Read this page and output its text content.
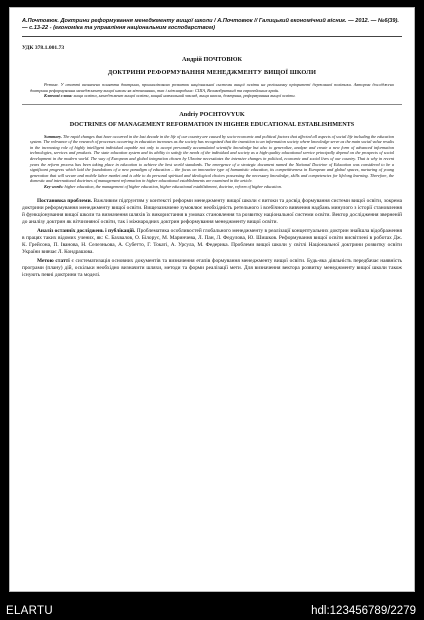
А.Почтовюк. Доктрини реформування менеджменту вищої школи / А.Почтовюк // Галицький економічний вісник. — 2012. — №6(39). — с.13-22 - (економіка та управління національним господарством)
УДК 378.1.001.73
Андрій ПОЧТОВЮК
ДОКТРИНИ РЕФОРМУВАННЯ МЕНЕДЖМЕНТУ ВИЩОЇ ШКОЛИ
Резюме. У статті визначено поняття доктрина, проаналізовано розвиток національної системи вищої освіти на регіонному пріоритеті державної політики. Автором досліджено доктрини реформування менеджменту вищої школи як вітчизняних, так і міжнародних: США, Великобританії та європейських країн.
Ключові слова: вища освіта, менеджмент вищої освіти, вищий навчальний заклад, вища школа, доктрина, реформування вищої освіти.
Andriy POCHTOVYUK
DOCTRINES OF MANAGEMENT REFORMATION IN HIGHER EDUCATIONAL ESTABLISHMENTS
Summary. The rapid changes that have occurred in the last decade in the life of our country are caused by socio-economic and political factors that affected all aspects of social life including the education system. The relevance of the research of processes occurring in education increases as the society has recognized that the transition to an information society where knowledge serve as the main social value results in the increasing role of highly intelligent individual capable not only to accept personally accumulated scientific knowledge but also to generalize, analyze and create a new form of advanced information technologies, services and products. The state education system and its ability to satisfy the needs of the individual and society as a high-quality educational service principally depend on the prospects of social development in the modern world. The way of European and global integration chosen by Ukraine necessitates the intensive changes in political, economic and social lives of our country. That is why in recent years the reform process has been taking place in education to achieve the best world standards. The emergence of a strategic document named the National Doctrine of Education was considered to be a significant progress which laid the foundations of a new paradigm of education – the focus on innovative type of humanistic education, its competitiveness in European and global spaces, nurturing of young generation that will secure and mobile labor market and is able to do personal spiritual and ideological choices possessing the necessary knowledge, skills and competencies for lifelong learning. Therefore, the domestic and international doctrines of management reformation in higher educational establishments are examined in the article.
Key words: higher education, the management of higher education, higher educational establishment, doctrine, reform of higher education.

Постановка проблеми. Важливим підґрунтям у контексті реформи менеджменту вищої школи є витоки та досвід формування системи вищої освіти, зокрема доктрини реформування менеджменту вищої освіти. Вищезазначене зумовлює необхідність ретельного і всебічного вивчення надбань минулого з історії становлення й функціонування вищої школи та визначення шляхів їх використання в умовах становлення та розвитку національної системи освіти. Вектор дослідження зверненій до аналізу доктрин як вітчизняної освіти, так і міжнародних доктрин реформування менеджменту вищої освіти.

Аналіз останніх досліджень і публікацій. Проблематика особливостей глобального менеджменту в реалізації концептуальних доктрин знайшла відображення в працях таких відомих учених, як: Є. Бахвалов, О. Білорус, М. Маринчева, Л. Пан, Л. Федулова, Ю. Шишков. Реформування вищої освіти висвітлені в роботах Дж. К. Грейсона, П. Іванова, Н. Селезньова, А. Субетто, Г. Токаті, А. Урсула, М. Федерика. Проблеми вищої школи у світлі Національної доктрини розвитку освіти України вивчає Л. Кондрашова.

Метою статті є систематизація основних документів та визначення етапів формування менеджменту вищої освіти. Будь-яка діяльність передбачає наявність програми (плану) дій, оскільки необхідно визначити шляхи, методи та форми реалізації мети. Для визначення вектора розвитку менеджменту вищої школи також існують певні доктрини та моделі.

ELARTU	hdl:123456789/2279
